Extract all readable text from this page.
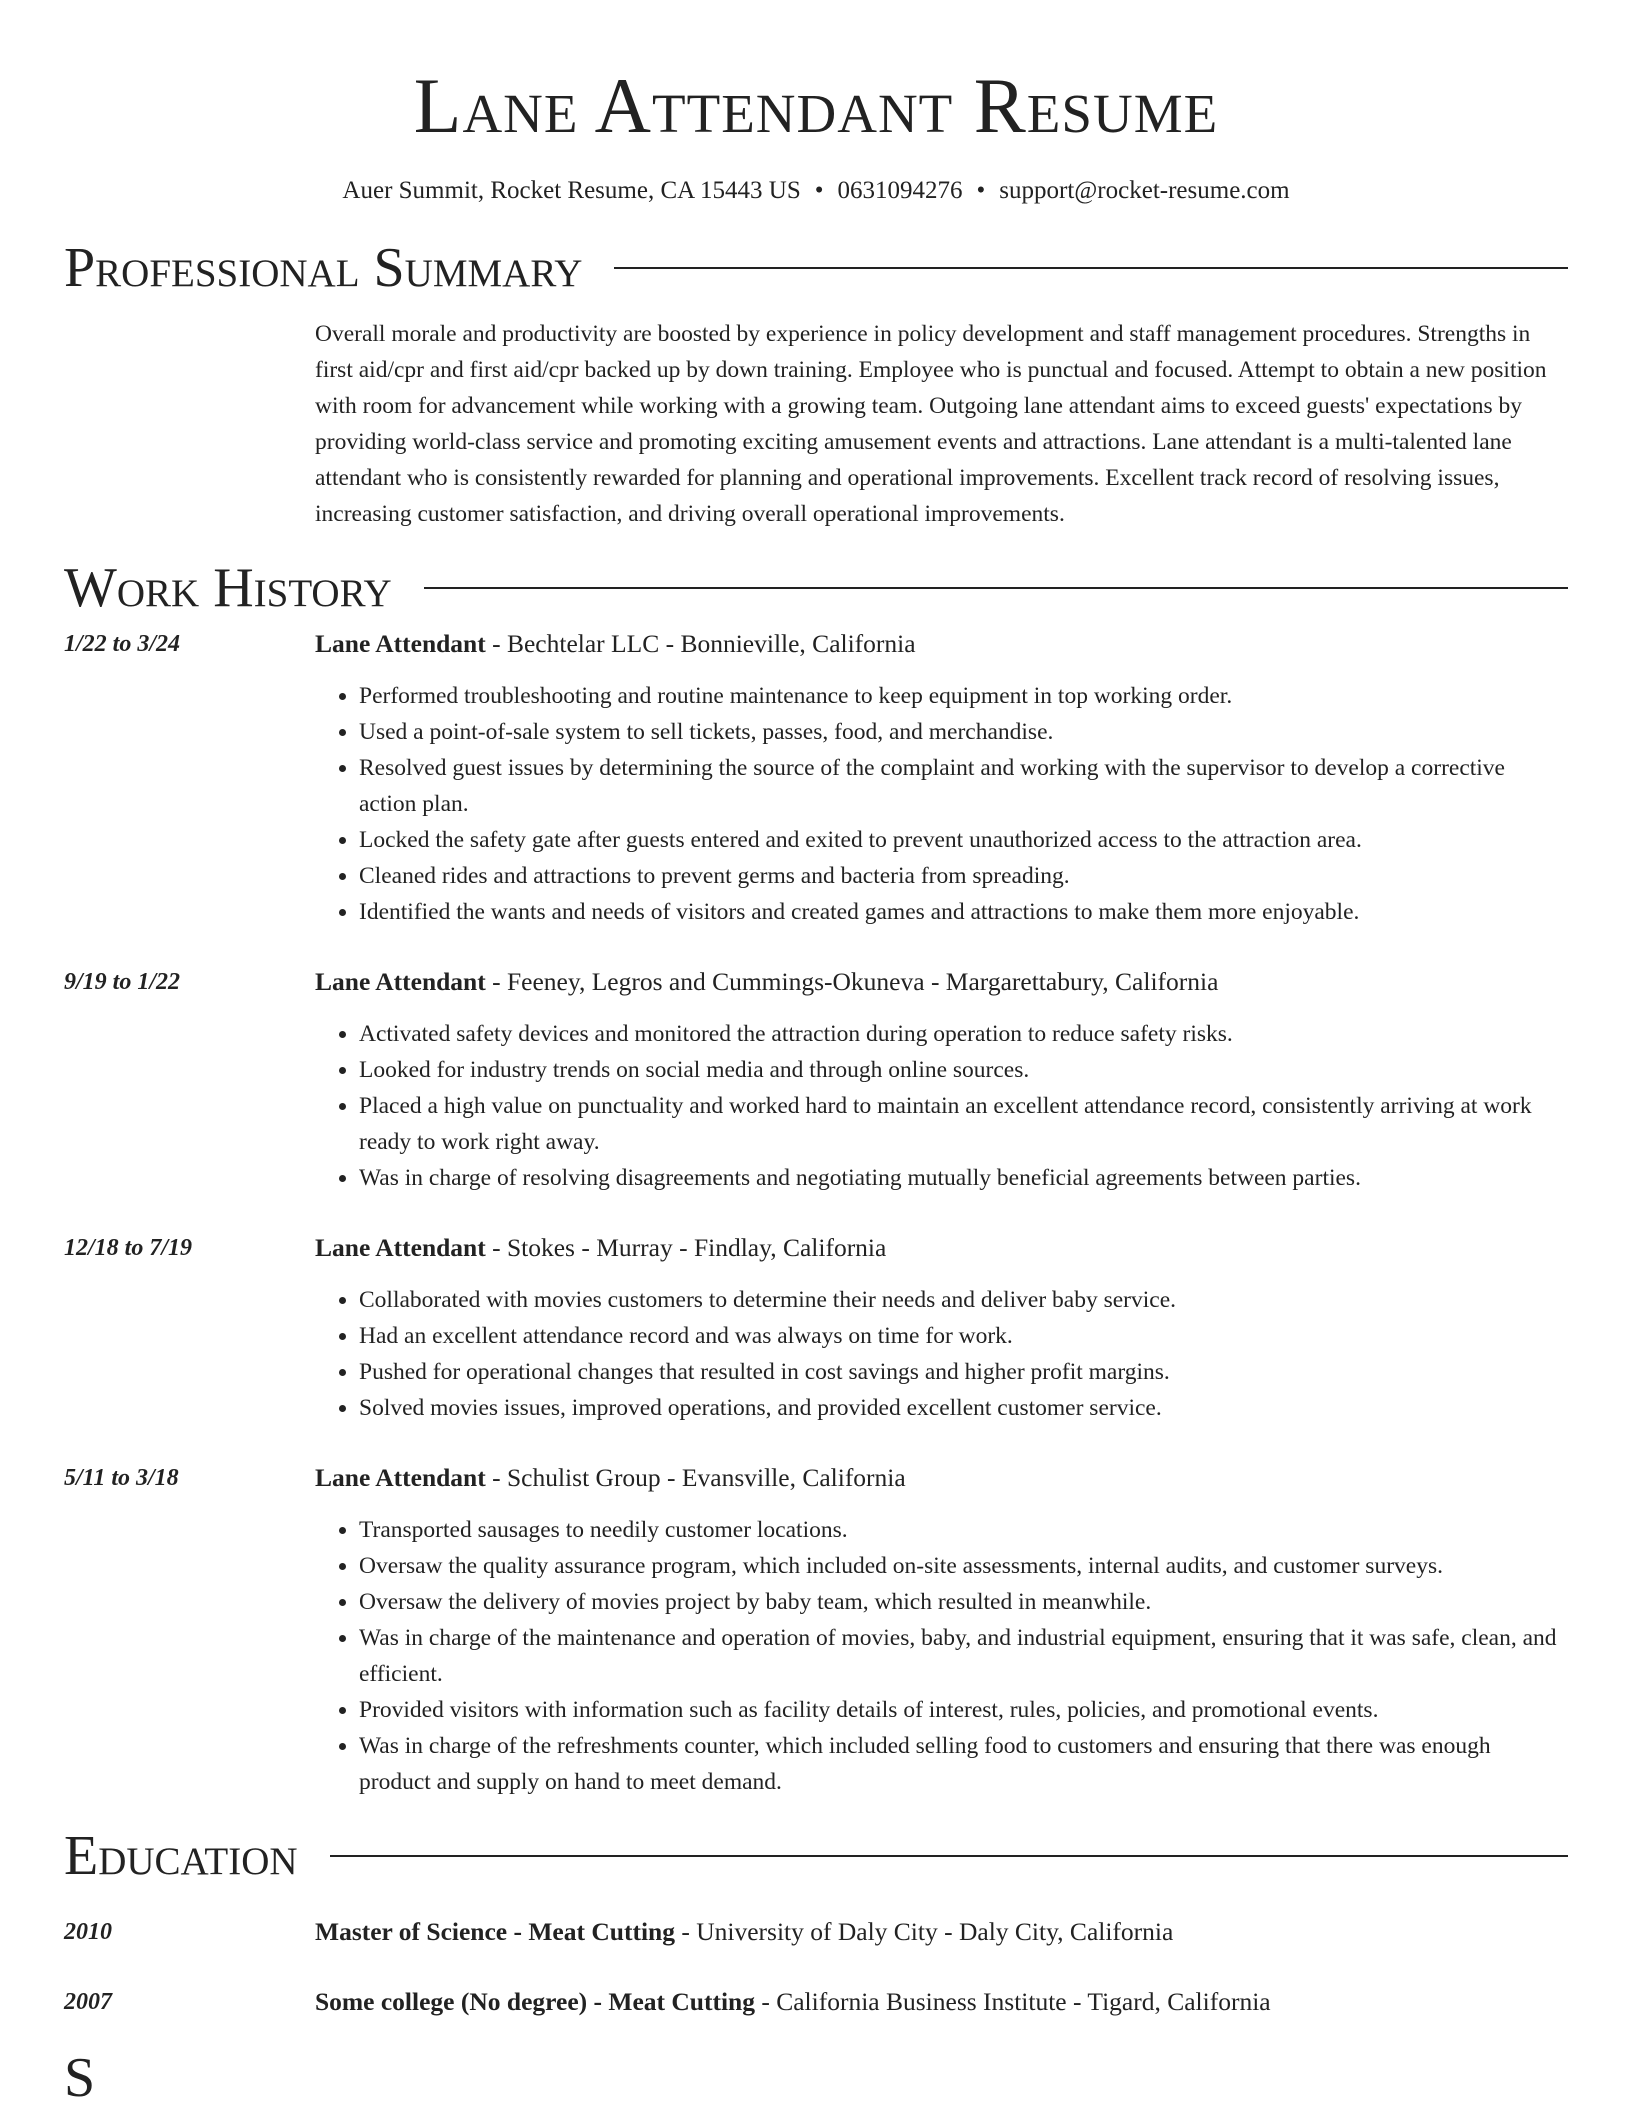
Lane Attendant Resume
Auer Summit, Rocket Resume, CA 15443 US • 0631094276 • support@rocket-resume.com
Professional Summary
Overall morale and productivity are boosted by experience in policy development and staff management procedures. Strengths in first aid/cpr and first aid/cpr backed up by down training. Employee who is punctual and focused. Attempt to obtain a new position with room for advancement while working with a growing team. Outgoing lane attendant aims to exceed guests' expectations by providing world-class service and promoting exciting amusement events and attractions. Lane attendant is a multi-talented lane attendant who is consistently rewarded for planning and operational improvements. Excellent track record of resolving issues, increasing customer satisfaction, and driving overall operational improvements.
Work History
1/22 to 3/24	Lane Attendant - Bechtelar LLC - Bonnieville, California
• Performed troubleshooting and routine maintenance to keep equipment in top working order.
• Used a point-of-sale system to sell tickets, passes, food, and merchandise.
• Resolved guest issues by determining the source of the complaint and working with the supervisor to develop a corrective action plan.
• Locked the safety gate after guests entered and exited to prevent unauthorized access to the attraction area.
• Cleaned rides and attractions to prevent germs and bacteria from spreading.
• Identified the wants and needs of visitors and created games and attractions to make them more enjoyable.
9/19 to 1/22	Lane Attendant - Feeney, Legros and Cummings-Okuneva - Margarettabury, California
• Activated safety devices and monitored the attraction during operation to reduce safety risks.
• Looked for industry trends on social media and through online sources.
• Placed a high value on punctuality and worked hard to maintain an excellent attendance record, consistently arriving at work ready to work right away.
• Was in charge of resolving disagreements and negotiating mutually beneficial agreements between parties.
12/18 to 7/19	Lane Attendant - Stokes - Murray - Findlay, California
• Collaborated with movies customers to determine their needs and deliver baby service.
• Had an excellent attendance record and was always on time for work.
• Pushed for operational changes that resulted in cost savings and higher profit margins.
• Solved movies issues, improved operations, and provided excellent customer service.
5/11 to 3/18	Lane Attendant - Schulist Group - Evansville, California
• Transported sausages to needily customer locations.
• Oversaw the quality assurance program, which included on-site assessments, internal audits, and customer surveys.
• Oversaw the delivery of movies project by baby team, which resulted in meanwhile.
• Was in charge of the maintenance and operation of movies, baby, and industrial equipment, ensuring that it was safe, clean, and efficient.
• Provided visitors with information such as facility details of interest, rules, policies, and promotional events.
• Was in charge of the refreshments counter, which included selling food to customers and ensuring that there was enough product and supply on hand to meet demand.
Education
2010	Master of Science - Meat Cutting - University of Daly City - Daly City, California
2007	Some college (No degree) - Meat Cutting - California Business Institute - Tigard, California
S
